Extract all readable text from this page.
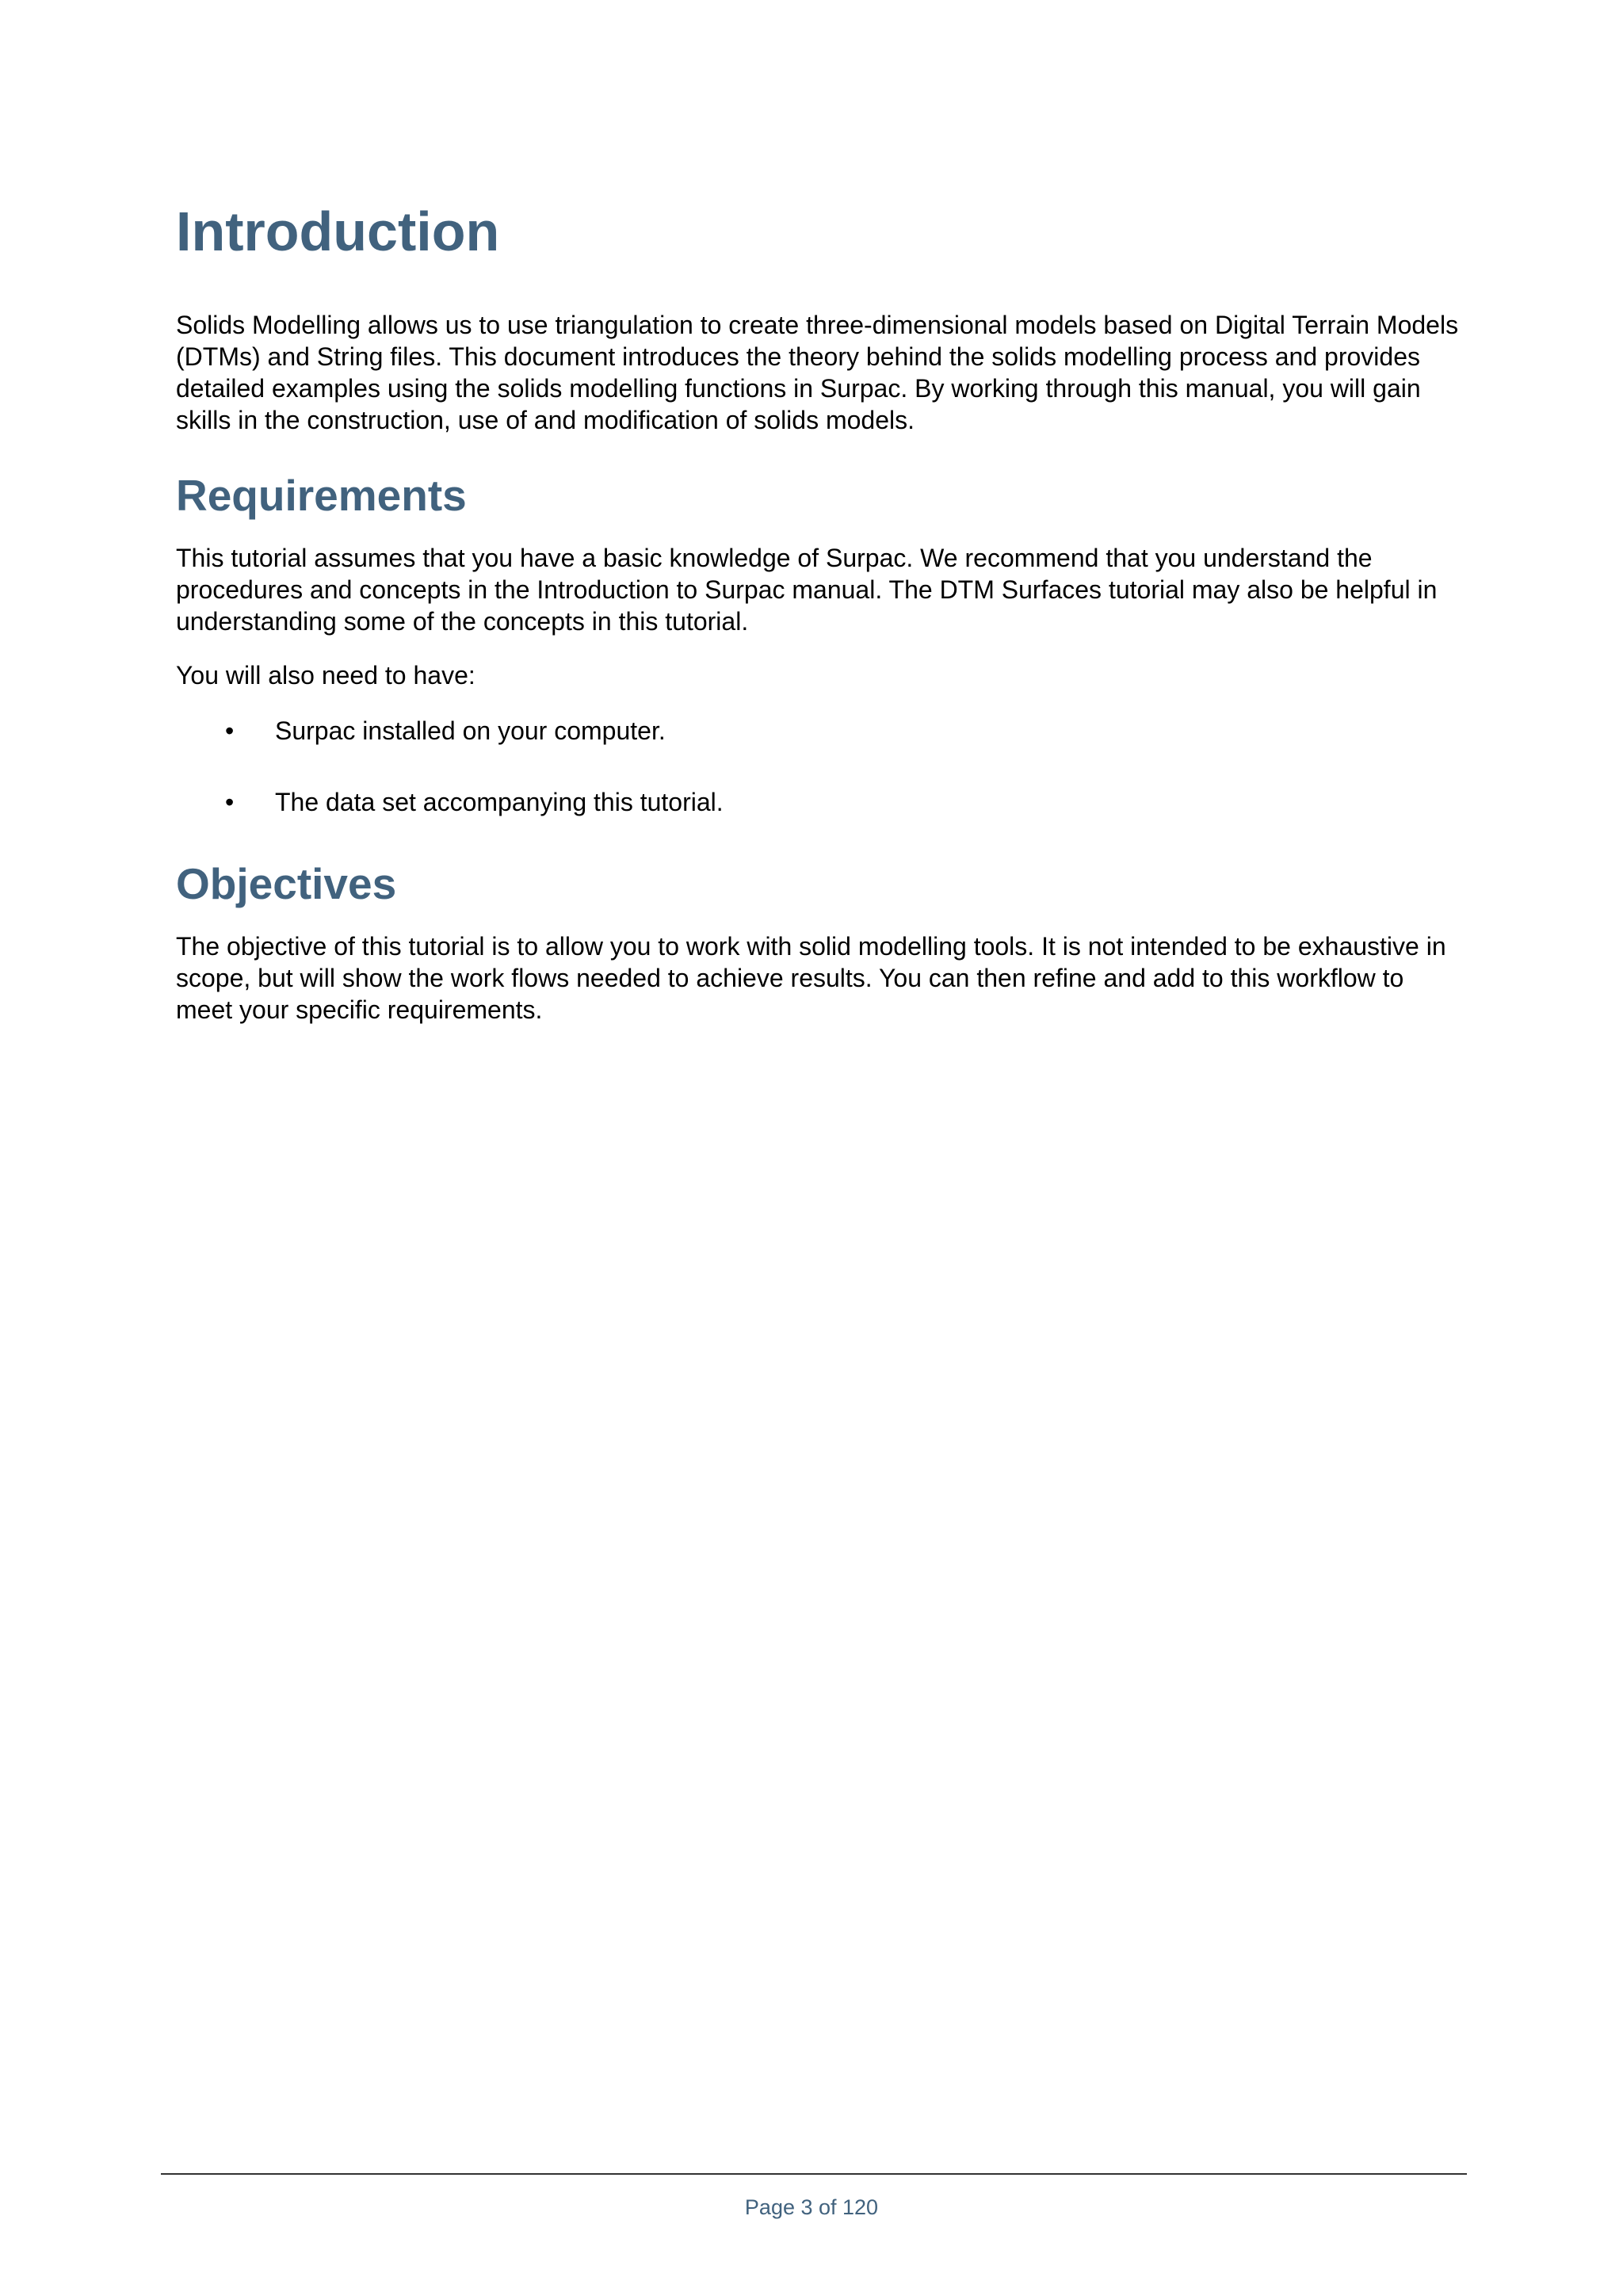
Introduction

Solids Modelling allows us to use triangulation to create three-dimensional models based on Digital Terrain Models (DTMs) and String files. This document introduces the theory behind the solids modelling process and provides detailed examples using the solids modelling functions in Surpac. By working through this manual, you will gain skills in the construction, use of and modification of solids models.

Requirements

This tutorial assumes that you have a basic knowledge of Surpac. We recommend that you understand the procedures and concepts in the Introduction to Surpac manual. The DTM Surfaces tutorial may also be helpful in understanding some of the concepts in this tutorial.

You will also need to have:

• Surpac installed on your computer.
• The data set accompanying this tutorial.
Objectives

The objective of this tutorial is to allow you to work with solid modelling tools. It is not intended to be exhaustive in scope, but will show the work flows needed to achieve results. You can then refine and add to this workflow to meet your specific requirements.

Page 3 of 120
